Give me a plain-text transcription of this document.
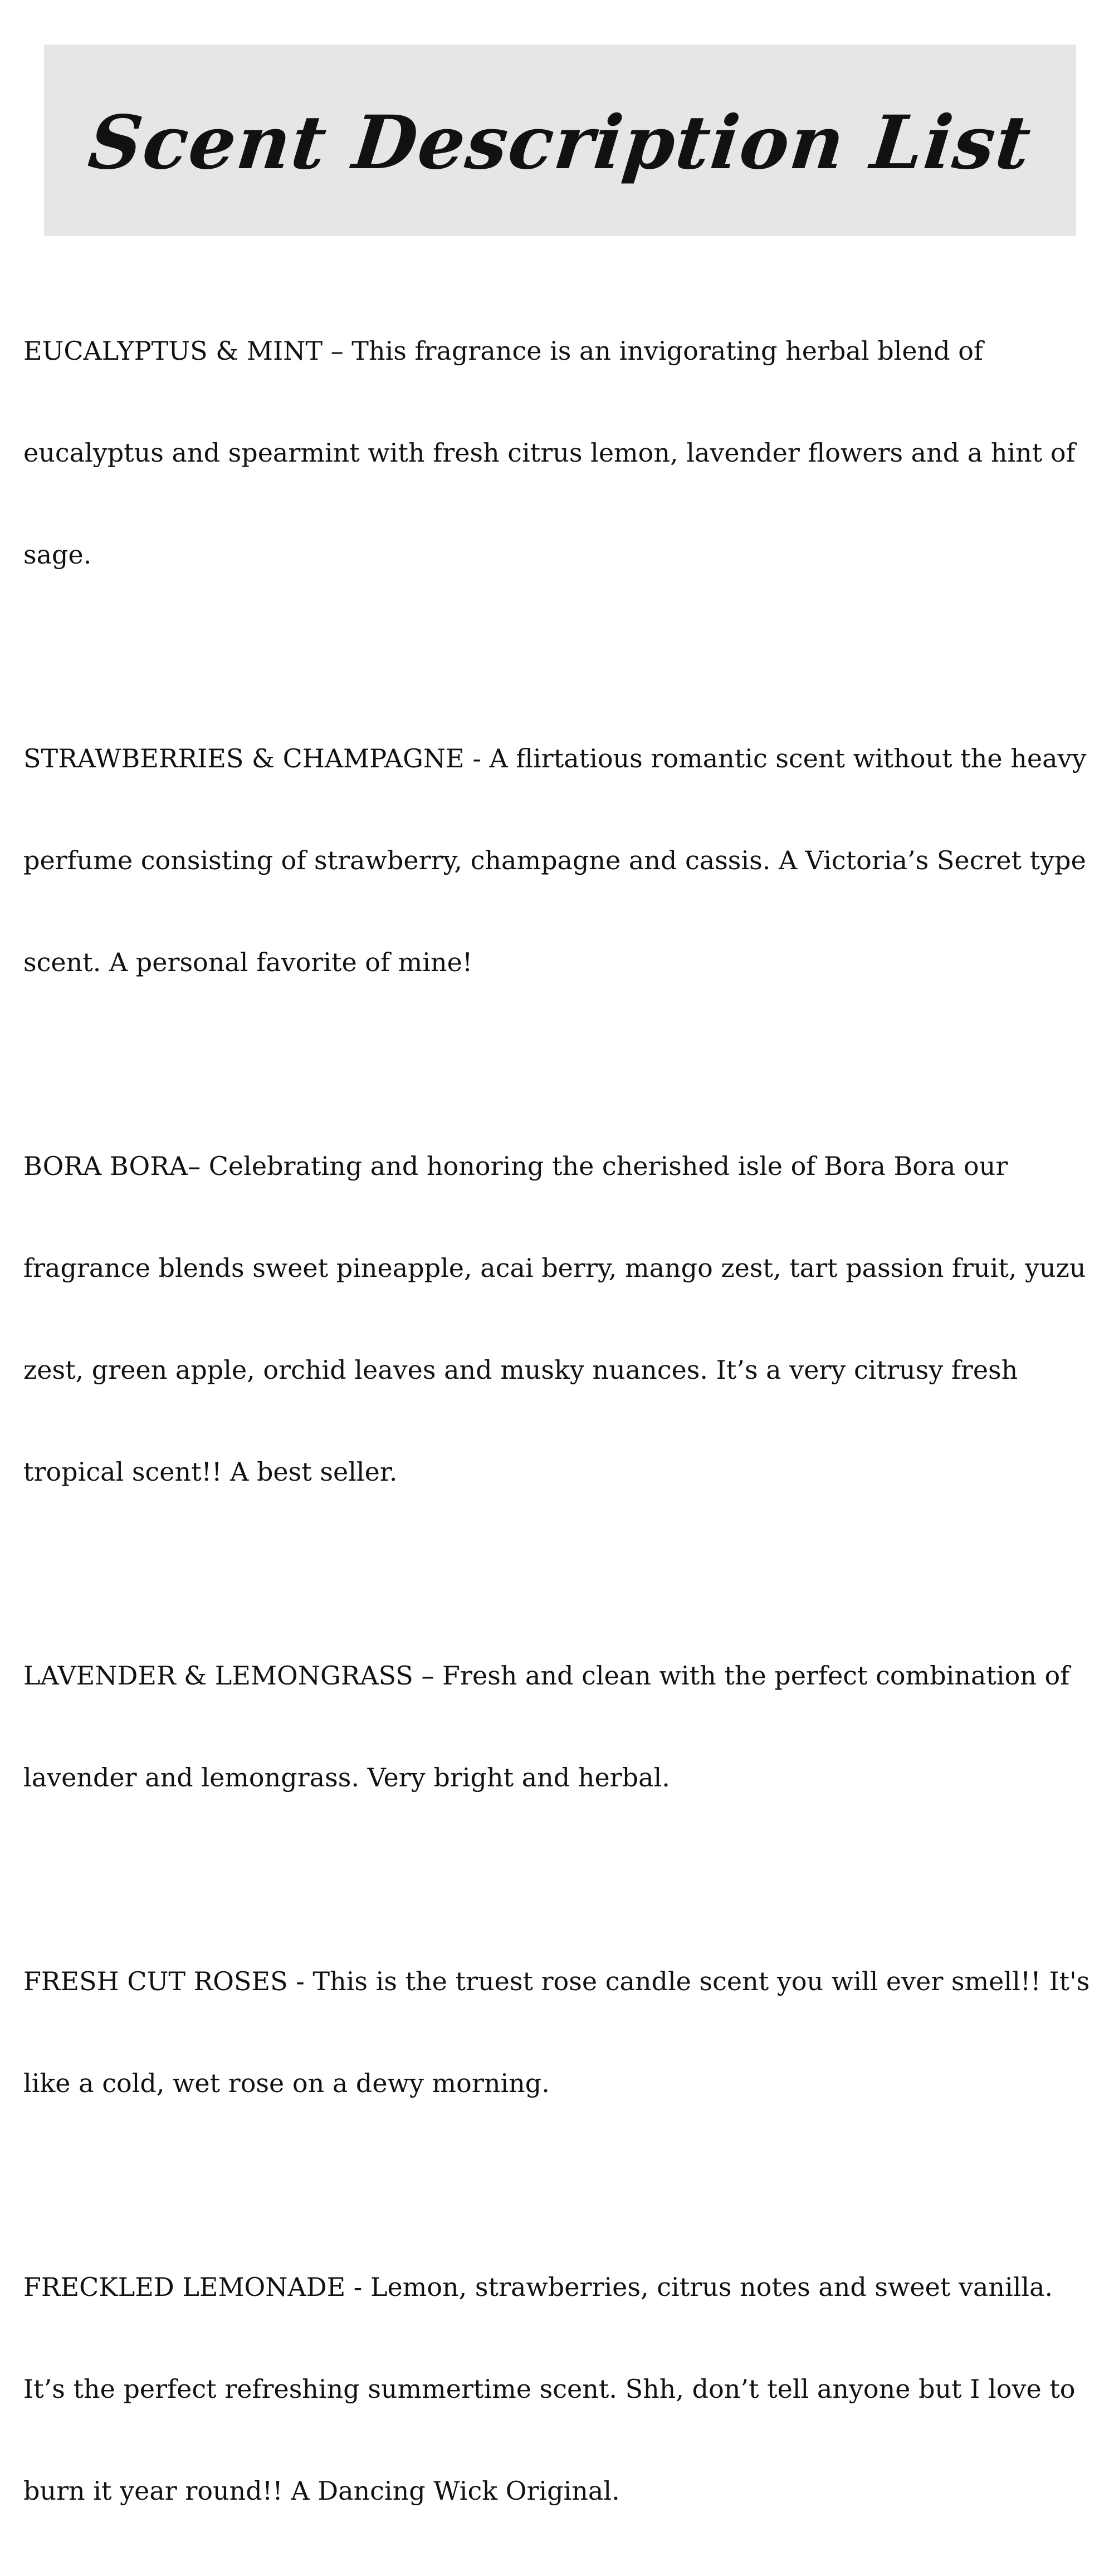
Scent Description List

EUCALYPTUS & MINT – This fragrance is an invigorating herbal blend of

eucalyptus and spearmint with fresh citrus lemon, lavender flowers and a hint of

sage.

STRAWBERRIES & CHAMPAGNE - A flirtatious romantic scent without the heavy

perfume consisting of strawberry, champagne and cassis. A Victoria’s Secret type

scent. A personal favorite of mine!

BORA BORA– Celebrating and honoring the cherished isle of Bora Bora our

fragrance blends sweet pineapple, acai berry, mango zest, tart passion fruit, yuzu

zest, green apple, orchid leaves and musky nuances. It’s a very citrusy fresh

tropical scent!! A best seller.

LAVENDER & LEMONGRASS – Fresh and clean with the perfect combination of

lavender and lemongrass. Very bright and herbal.

FRESH CUT ROSES - This is the truest rose candle scent you will ever smell!! It's

like a cold, wet rose on a dewy morning.

FRECKLED LEMONADE - Lemon, strawberries, citrus notes and sweet vanilla.

It’s the perfect refreshing summertime scent. Shh, don’t tell anyone but I love to

burn it year round!! A Dancing Wick Original.
